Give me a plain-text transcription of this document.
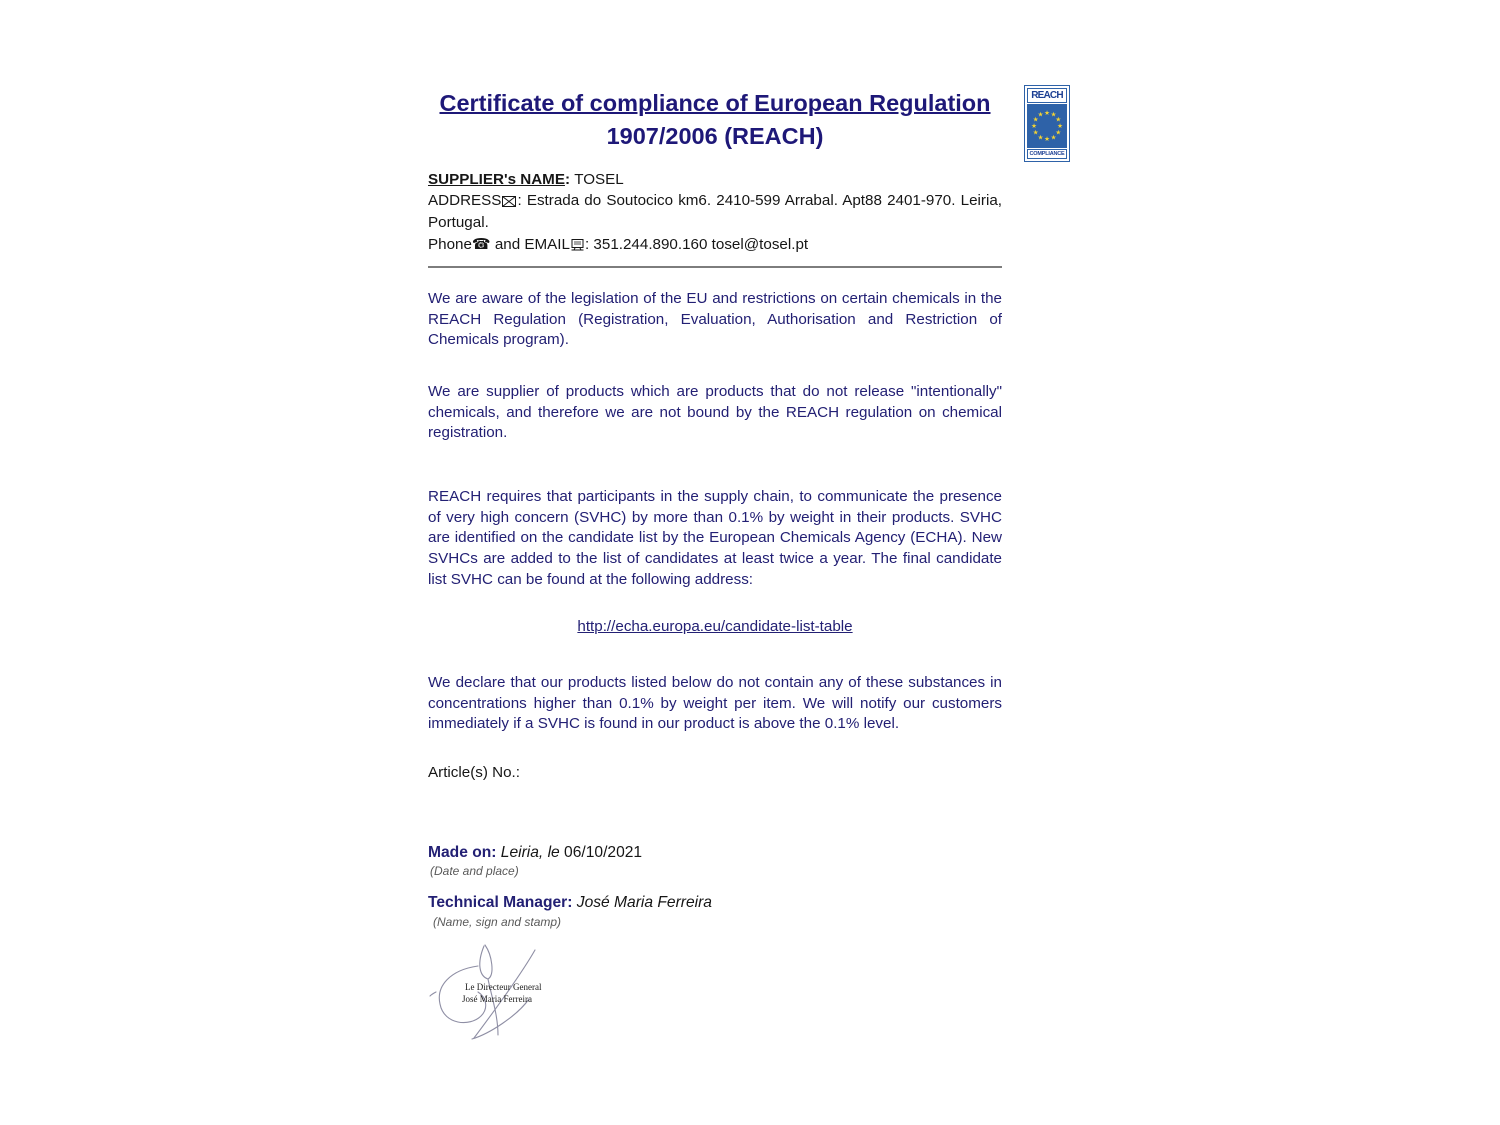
Certificate of compliance of European Regulation
1907/2006 (REACH)
REACH
★ ★
★
★
★
★
★
★
★
★
★
★
COMPLIANCE
SUPPLIER's NAME: TOSEL
ADDRESS : Estrada do Soutocico km6. 2410-599 Arrabal. Apt88 2401-970. Leiria, Portugal.
Phone☎ and EMAIL : 351.244.890.160 tosel@tosel.pt
We are aware of the legislation of the EU and restrictions on certain chemicals in the REACH Regulation (Registration, Evaluation, Authorisation and Restriction of Chemicals program).
We are supplier of products which are products that do not release "intentionally" chemicals, and therefore we are not bound by the REACH regulation on chemical registration.
REACH requires that participants in the supply chain, to communicate the presence of very high concern (SVHC) by more than 0.1% by weight in their products. SVHC are identified on the candidate list by the European Chemicals Agency (ECHA). New SVHCs are added to the list of candidates at least twice a year. The final candidate list SVHC can be found at the following address:
http://echa.europa.eu/candidate-list-table
We declare that our products listed below do not contain any of these substances in concentrations higher than 0.1% by weight per item. We will notify our customers immediately if a SVHC is found in our product is above the 0.1% level.
Article(s) No.:
Made on: Leiria, le 06/10/2021
(Date and place)
Technical Manager: José Maria Ferreira
(Name, sign and stamp)
Le Directeur General
José Maria Ferreira
